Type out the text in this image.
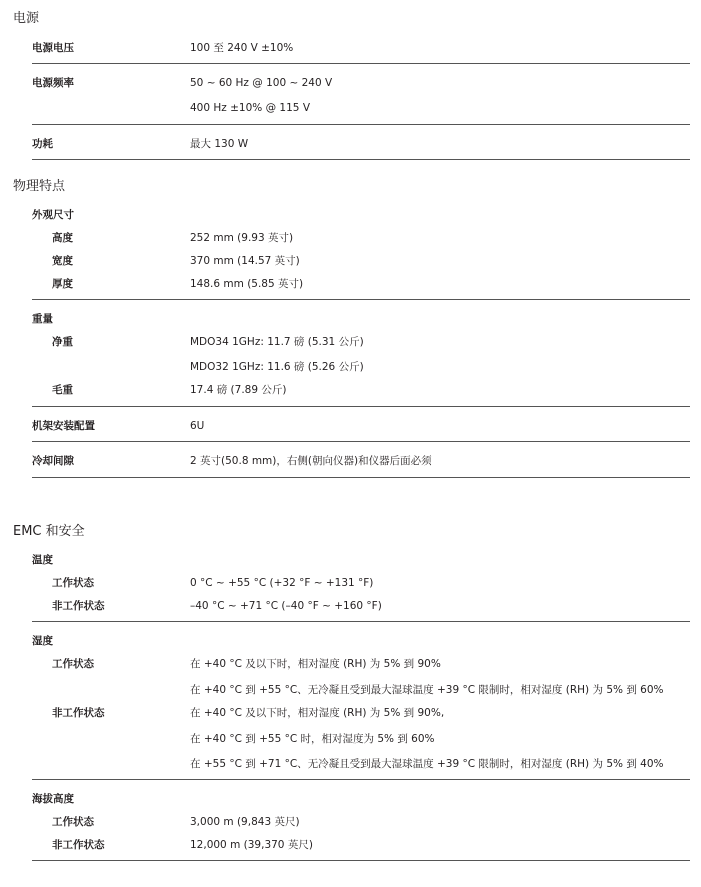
电源
电源电压	100 至 240 V ±10%
电源频率	50 ~ 60 Hz @ 100 ~ 240 V
400 Hz ±10% @ 115 V
功耗	最大 130 W
物理特点
外观尺寸
高度	252 mm (9.93 英寸)
宽度	370 mm (14.57 英寸)
厚度	148.6 mm (5.85 英寸)
重量
净重	MDO34 1GHz: 11.7 磅 (5.31 公斤)
MDO32 1GHz: 11.6 磅 (5.26 公斤)
毛重	17.4 磅 (7.89 公斤)
机架安装配置	6U
冷却间隙	2 英寸(50.8 mm)，右侧(朝向仪器)和仪器后面必须
EMC 和安全
温度
工作状态	0 °C ~ +55 °C (+32 °F ~ +131 °F)
非工作状态	–40 °C ~ +71 °C (–40 °F ~ +160 °F)
湿度
工作状态	在 +40 °C 及以下时，相对湿度 (RH) 为 5% 到 90%
在 +40 °C 到 +55 °C、无冷凝且受到最大湿球温度 +39 °C 限制时，相对湿度 (RH) 为 5% 到 60%
非工作状态	在 +40 °C 及以下时，相对湿度 (RH) 为 5% 到 90%,
在 +40 °C 到 +55 °C 时，相对湿度为 5% 到 60%
在 +55 °C 到 +71 °C、无冷凝且受到最大湿球温度 +39 °C 限制时，相对湿度 (RH) 为 5% 到 40%
海拔高度
工作状态	3,000 m (9,843 英尺)
非工作状态	12,000 m (39,370 英尺)
